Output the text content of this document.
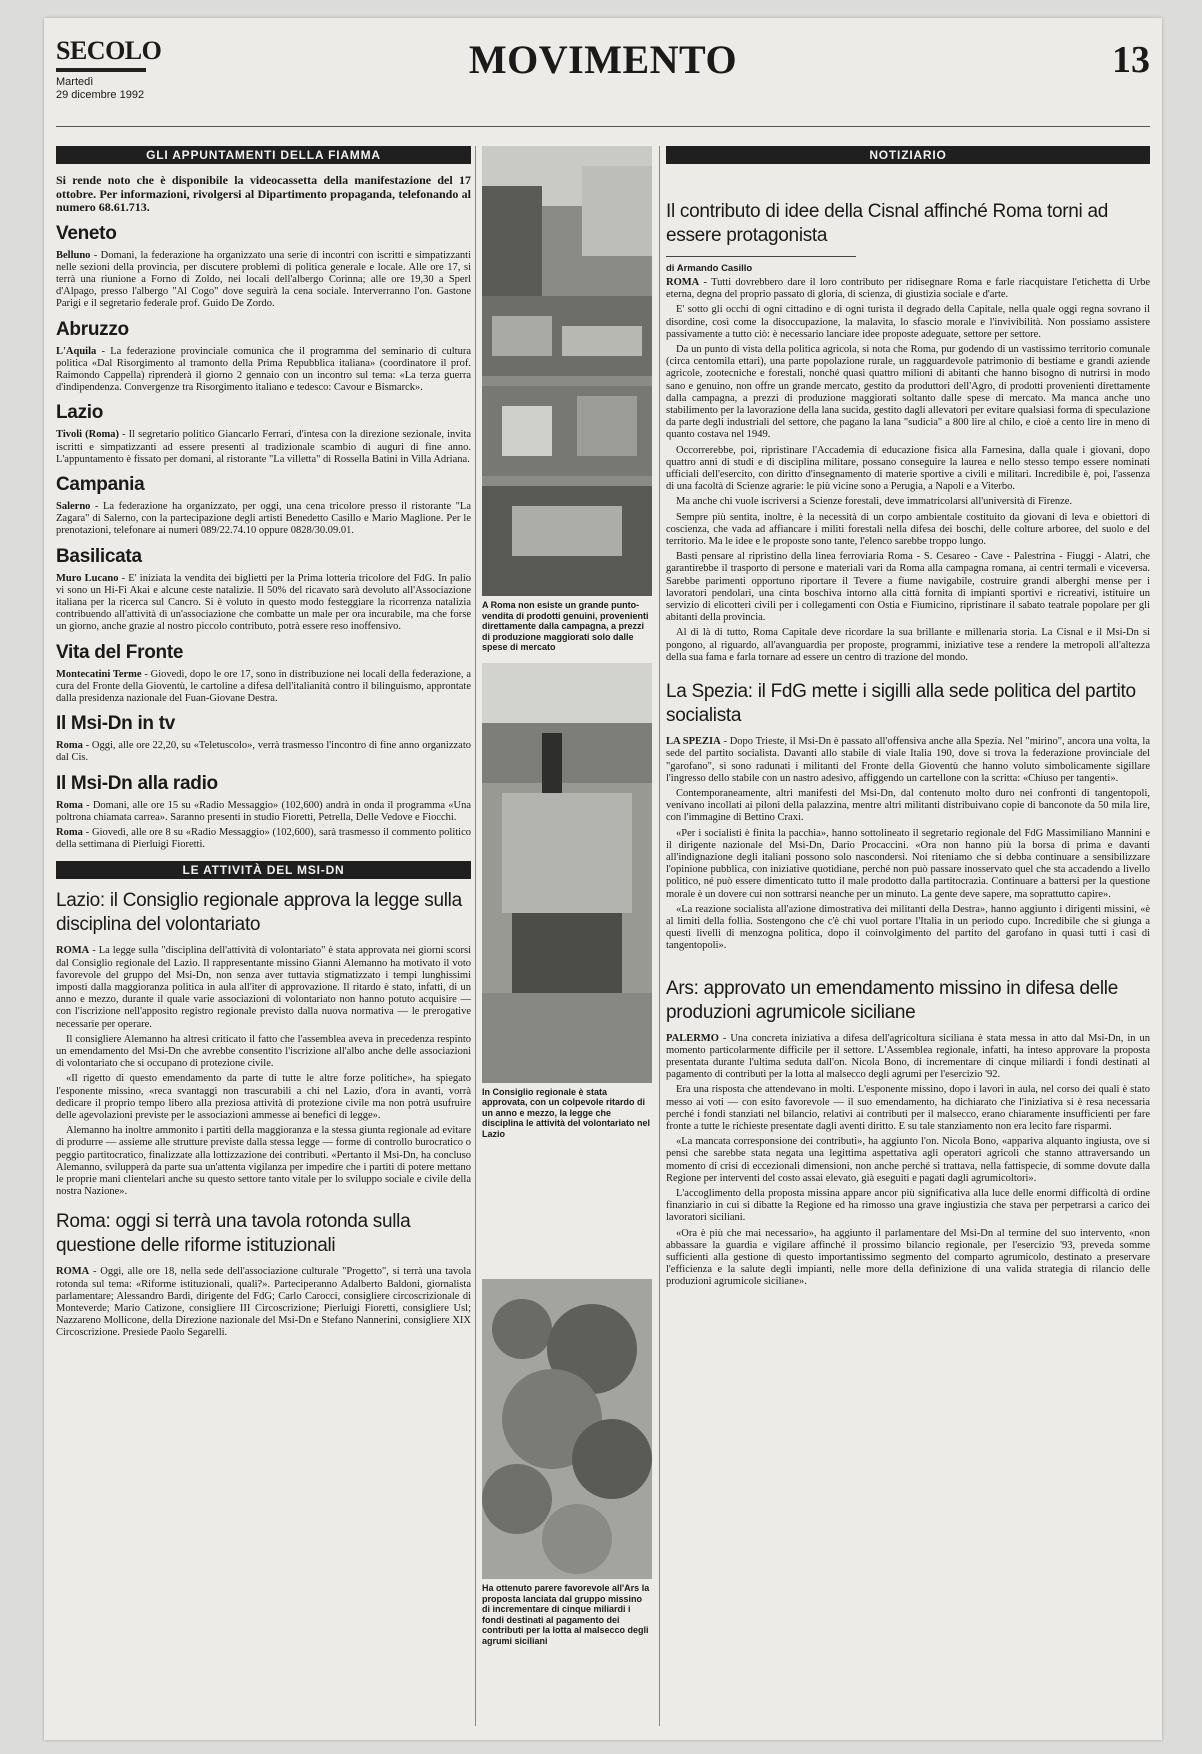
SECOLO
Martedì
29 dicembre 1992
MOVIMENTO	13
GLI APPUNTAMENTI DELLA FIAMMA
Si rende noto che è disponibile la videocassetta della manifestazione del 17 ottobre. Per informazioni, rivolgersi al Dipartimento propaganda, telefonando al numero 68.61.713.
Veneto

Belluno - Domani, la federazione ha organizzato una serie di incontri con iscritti e simpatizzanti nelle sezioni della provincia, per discutere problemi di politica generale e locale. Alle ore 17, si terrà una riunione a Forno di Zoldo, nei locali dell'albergo Corinna; alle ore 19,30 a Sperl d'Alpago, presso l'albergo "Al Cogo" dove seguirà la cena sociale. Interverranno l'on. Gastone Parigi e il segretario federale prof. Guido De Zordo.

Abruzzo

L'Aquila - La federazione provinciale comunica che il programma del seminario di cultura politica «Dal Risorgimento al tramonto della Prima Repubblica italiana» (coordinatore il prof. Raimondo Cappella) riprenderà il giorno 2 gennaio con un incontro sul tema: «La terza guerra d'indipendenza. Convergenze tra Risorgimento italiano e tedesco: Cavour e Bismarck».

Lazio

Tivoli (Roma) - Il segretario politico Giancarlo Ferrari, d'intesa con la direzione sezionale, invita iscritti e simpatizzanti ad essere presenti al tradizionale scambio di auguri di fine anno. L'appuntamento è fissato per domani, al ristorante "La villetta" di Rossella Batini in Villa Adriana.

Campania

Salerno - La federazione ha organizzato, per oggi, una cena tricolore presso il ristorante "La Zagara" di Salerno, con la partecipazione degli artisti Benedetto Casillo e Mario Maglione. Per le prenotazioni, telefonare ai numeri 089/22.74.10 oppure 0828/30.09.01.

Basilicata

Muro Lucano - E' iniziata la vendita dei biglietti per la Prima lotteria tricolore del FdG. In palio vi sono un Hi-Fi Akai e alcune ceste natalizie. Il 50% del ricavato sarà devoluto all'Associazione italiana per la ricerca sul Cancro. Si è voluto in questo modo festeggiare la ricorrenza natalizia contribuendo all'attività di un'associazione che combatte un male per ora incurabile, ma che forse un giorno, anche grazie al nostro piccolo contributo, potrà essere reso inoffensivo.

Vita del Fronte

Montecatini Terme - Giovedì, dopo le ore 17, sono in distribuzione nei locali della federazione, a cura del Fronte della Gioventù, le cartoline a difesa dell'italianità contro il bilinguismo, approntate dalla presidenza nazionale del Fuan-Giovane Destra.

Il Msi-Dn in tv

Roma - Oggi, alle ore 22,20, su «Teletuscolo», verrà trasmesso l'incontro di fine anno organizzato dal Cis.

Il Msi-Dn alla radio

Roma - Domani, alle ore 15 su «Radio Messaggio» (102,600) andrà in onda il programma «Una poltrona chiamata carrea». Saranno presenti in studio Fioretti, Petrella, Delle Vedove e Fiocchi.

Roma - Giovedì, alle ore 8 su «Radio Messaggio» (102,600), sarà trasmesso il commento politico della settimana di Pierluigi Fioretti.

LE ATTIVITÀ DEL MSI-DN
Lazio: il Consiglio regionale approva la legge sulla disciplina del volontariato

ROMA - La legge sulla "disciplina dell'attività di volontariato" è stata approvata nei giorni scorsi dal Consiglio regionale del Lazio. Il rappresentante missino Gianni Alemanno ha motivato il voto favorevole del gruppo del Msi-Dn, non senza aver tuttavia stigmatizzato i tempi lunghissimi imposti dalla maggioranza politica in aula all'iter di approvazione. Il ritardo è stato, infatti, di un anno e mezzo, durante il quale varie associazioni di volontariato non hanno potuto acquisire — con l'iscrizione nell'apposito registro regionale previsto dalla nuova normativa — le prerogative necessarie per operare.

Il consigliere Alemanno ha altresì criticato il fatto che l'assemblea aveva in precedenza respinto un emendamento del Msi-Dn che avrebbe consentito l'iscrizione all'albo anche delle associazioni di volontariato che si occupano di protezione civile.

«Il rigetto di questo emendamento da parte di tutte le altre forze politiche», ha spiegato l'esponente missino, «reca svantaggi non trascurabili a chi nel Lazio, d'ora in avanti, vorrà dedicare il proprio tempo libero alla preziosa attività di protezione civile ma non potrà usufruire delle agevolazioni previste per le associazioni ammesse ai benefici di legge».

Alemanno ha inoltre ammonito i partiti della maggioranza e la stessa giunta regionale ad evitare di produrre — assieme alle strutture previste dalla stessa legge — forme di controllo burocratico o peggio partitocratico, finalizzate alla lottizzazione dei contributi. «Pertanto il Msi-Dn, ha concluso Alemanno, svilupperà da parte sua un'attenta vigilanza per impedire che i partiti di potere mettano le proprie mani clientelari anche su questo settore tanto vitale per lo sviluppo sociale e civile della nostra Nazione».

Roma: oggi si terrà una tavola rotonda sulla questione delle riforme istituzionali

ROMA - Oggi, alle ore 18, nella sede dell'associazione culturale "Progetto", si terrà una tavola rotonda sul tema: «Riforme istituzionali, quali?». Parteciperanno Adalberto Baldoni, giornalista parlamentare; Alessandro Bardi, dirigente del FdG; Carlo Carocci, consigliere circoscrizionale di Monteverde; Mario Catizone, consigliere III Circoscrizione; Pierluigi Fioretti, consigliere Usl; Nazzareno Mollicone, della Direzione nazionale del Msi-Dn e Stefano Nannerini, consigliere XIX Circoscrizione. Presiede Paolo Segarelli.

A Roma non esiste un grande punto-vendita di prodotti genuini, provenienti direttamente dalla campagna, a prezzi di produzione maggiorati solo dalle spese di mercato
In Consiglio regionale è stata approvata, con un colpevole ritardo di un anno e mezzo, la legge che disciplina le attività del volontariato nel Lazio
Ha ottenuto parere favorevole all'Ars la proposta lanciata dal gruppo missino di incrementare di cinque miliardi i fondi destinati al pagamento dei contributi per la lotta al malsecco degli agrumi siciliani
NOTIZIARIO
Il contributo di idee della Cisnal affinché Roma torni ad essere protagonista
di Armando Casillo

ROMA - Tutti dovrebbero dare il loro contributo per ridisegnare Roma e farle riacquistare l'etichetta di Urbe eterna, degna del proprio passato di gloria, di scienza, di giustizia sociale e d'arte.

E' sotto gli occhi di ogni cittadino e di ogni turista il degrado della Capitale, nella quale oggi regna sovrano il disordine, così come la disoccupazione, la malavita, lo sfascio morale e l'invivibilità. Non possiamo assistere passivamente a tutto ciò: è necessario lanciare idee proposte adeguate, settore per settore.

Da un punto di vista della politica agricola, si nota che Roma, pur godendo di un vastissimo territorio comunale (circa centomila ettari), una parte popolazione rurale, un ragguardevole patrimonio di bestiame e grandi aziende agricole, zootecniche e forestali, nonché quasi quattro milioni di abitanti che hanno bisogno di nutrirsi in modo sano e genuino, non offre un grande mercato, gestito da produttori dell'Agro, di prodotti provenienti direttamente dalla campagna, a prezzi di produzione maggiorati soltanto dalle spese di mercato. Ma manca anche uno stabilimento per la lavorazione della lana sucida, gestito dagli allevatori per evitare qualsiasi forma di speculazione da parte degli industriali del settore, che pagano la lana "sudicia" a 800 lire al chilo, e cioè a cento lire in meno di quanto costava nel 1949.

Occorrerebbe, poi, ripristinare l'Accademia di educazione fisica alla Farnesina, dalla quale i giovani, dopo quattro anni di studi e di disciplina militare, possano conseguire la laurea e nello stesso tempo essere nominati ufficiali dell'esercito, con diritto d'insegnamento di materie sportive a civili e militari. Incredibile è, poi, l'assenza di una facoltà di Scienze agrarie: le più vicine sono a Perugia, a Napoli e a Viterbo.

Ma anche chi vuole iscriversi a Scienze forestali, deve immatricolarsi all'università di Firenze.

Sempre più sentita, inoltre, è la necessità di un corpo ambientale costituito da giovani di leva e obiettori di coscienza, che vada ad affiancare i militi forestali nella difesa dei boschi, delle colture arboree, del suolo e del territorio. Ma le idee e le proposte sono tante, l'elenco sarebbe troppo lungo.

Basti pensare al ripristino della linea ferroviaria Roma - S. Cesareo - Cave - Palestrina - Fiuggi - Alatri, che garantirebbe il trasporto di persone e materiali vari da Roma alla campagna romana, ai centri termali e viceversa. Sarebbe parimenti opportuno riportare il Tevere a fiume navigabile, costruire grandi alberghi mense per i lavoratori pendolari, una cinta boschiva intorno alla città fornita di impianti sportivi e ricreativi, istituire un servizio di elicotteri civili per i collegamenti con Ostia e Fiumicino, ripristinare il sabato teatrale popolare per gli abitanti della provincia.

Al di là di tutto, Roma Capitale deve ricordare la sua brillante e millenaria storia. La Cisnal e il Msi-Dn si pongono, al riguardo, all'avanguardia per proposte, programmi, iniziative tese a rendere la metropoli all'altezza della sua fama e farla tornare ad essere un centro di trazione del mondo.

La Spezia: il FdG mette i sigilli alla sede politica del partito socialista

LA SPEZIA - Dopo Trieste, il Msi-Dn è passato all'offensiva anche alla Spezia. Nel "mirino", ancora una volta, la sede del partito socialista. Davanti allo stabile di viale Italia 190, dove si trova la federazione provinciale del "garofano", si sono radunati i militanti del Fronte della Gioventù che hanno voluto simbolicamente sigillare l'ingresso dello stabile con un nastro adesivo, affiggendo un cartellone con la scritta: «Chiuso per tangenti».

Contemporaneamente, altri manifesti del Msi-Dn, dal contenuto molto duro nei confronti di tangentopoli, venivano incollati ai piloni della palazzina, mentre altri militanti distribuivano copie di banconote da 50 mila lire, con l'immagine di Bettino Craxi.

«Per i socialisti è finita la pacchia», hanno sottolineato il segretario regionale del FdG Massimiliano Mannini e il dirigente nazionale del Msi-Dn, Dario Procaccini. «Ora non hanno più la borsa di prima e davanti all'indignazione degli italiani possono solo nascondersi. Noi riteniamo che si debba continuare a sensibilizzare l'opinione pubblica, con iniziative quotidiane, perché non può passare inosservato quel che sta accadendo a livello politico, né può essere dimenticato tutto il male prodotto dalla partitocrazia. Continuare a battersi per la questione morale è un dovere cui non sottrarsi neanche per un minuto. La gente deve sapere, ma soprattutto capire».

«La reazione socialista all'azione dimostrativa dei militanti della Destra», hanno aggiunto i dirigenti missini, «è al limiti della follia. Sostengono che c'è chi vuol portare l'Italia in un periodo cupo. Incredibile che si giunga a questi livelli di menzogna politica, dopo il coinvolgimento del partito del garofano in quasi tutti i casi di tangentopoli».

Ars: approvato un emendamento missino in difesa delle produzioni agrumicole siciliane

PALERMO - Una concreta iniziativa a difesa dell'agricoltura siciliana è stata messa in atto dal Msi-Dn, in un momento particolarmente difficile per il settore. L'Assemblea regionale, infatti, ha inteso approvare la proposta presentata durante l'ultima seduta dall'on. Nicola Bono, di incrementare di cinque miliardi i fondi destinati al pagamento di contributi per la lotta al malsecco degli agrumi per l'esercizio '92.

Era una risposta che attendevano in molti. L'esponente missino, dopo i lavori in aula, nel corso dei quali è stato messo ai voti — con esito favorevole — il suo emendamento, ha dichiarato che l'iniziativa si è resa necessaria perché i fondi stanziati nel bilancio, relativi ai contributi per il malsecco, erano chiaramente insufficienti per fare fronte a tutte le richieste presentate dagli aventi diritto. E su tale stanziamento non era lecito fare risparmi.

«La mancata corresponsione dei contributi», ha aggiunto l'on. Nicola Bono, «appariva alquanto ingiusta, ove si pensi che sarebbe stata negata una legittima aspettativa agli operatori agricoli che stanno attraversando un momento di crisi di eccezionali dimensioni, non anche perché si trattava, nella fattispecie, di somme dovute dalla Regione per interventi del costo assai elevato, già eseguiti e pagati dagli agrumicoltori».

L'accoglimento della proposta missina appare ancor più significativa alla luce delle enormi difficoltà di ordine finanziario in cui si dibatte la Regione ed ha rimosso una grave ingiustizia che stava per perpetrarsi a carico dei lavoratori siciliani.

«Ora è più che mai necessario», ha aggiunto il parlamentare del Msi-Dn al termine del suo intervento, «non abbassare la guardia e vigilare affinché il prossimo bilancio regionale, per l'esercizio '93, preveda somme sufficienti alla gestione di questo importantissimo segmento del comparto agrumicolo, destinato a preservare l'efficienza e la salute degli impianti, nelle more della definizione di una valida strategia di rilancio delle produzioni agrumicole siciliane».
